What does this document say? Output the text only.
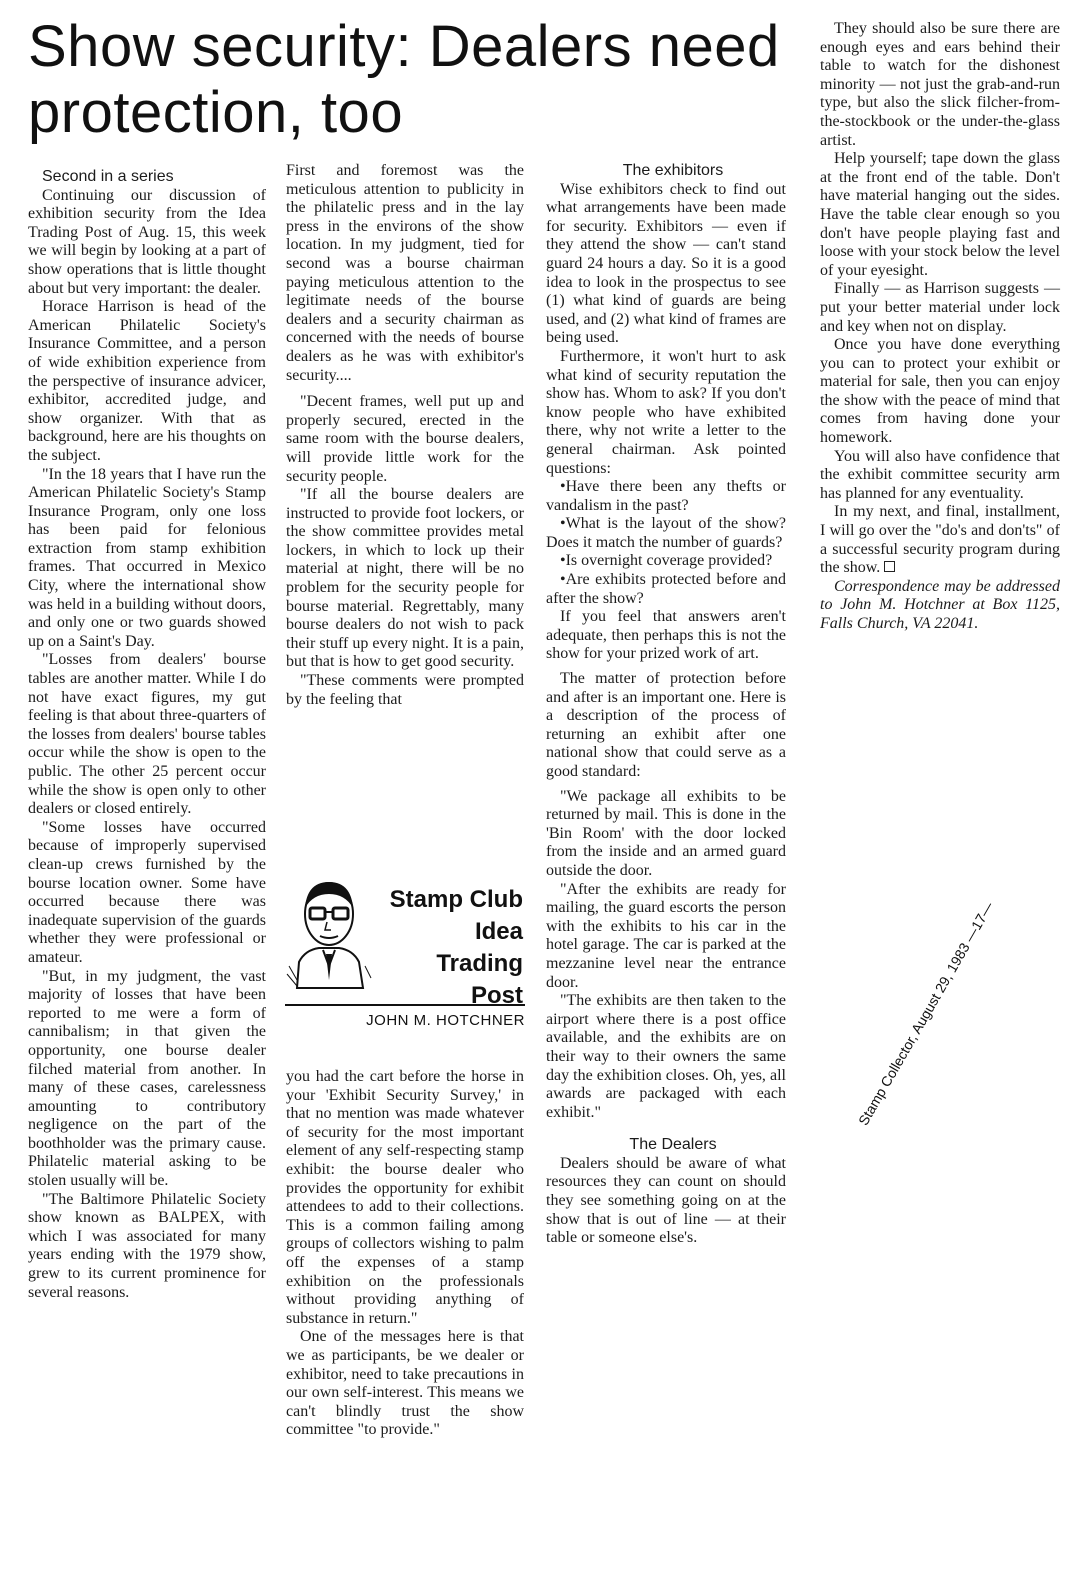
Show security: Dealers need protection, too

Second in a series

Continuing our discussion of exhibition security from the Idea Trading Post of Aug. 15, this week we will begin by looking at a part of show operations that is little thought about but very important: the dealer.

Horace Harrison is head of the American Philatelic Society's Insurance Committee, and a person of wide exhibition experience from the perspective of insurance advicer, exhibitor, accredited judge, and show organizer. With that as background, here are his thoughts on the subject.

"In the 18 years that I have run the American Philatelic Society's Stamp Insurance Program, only one loss has been paid for felonious extraction from stamp exhibition frames. That occurred in Mexico City, where the international show was held in a building without doors, and only one or two guards showed up on a Saint's Day.

"Losses from dealers' bourse tables are another matter. While I do not have exact figures, my gut feeling is that about three-quarters of the losses from dealers' bourse tables occur while the show is open to the public. The other 25 percent occur while the show is open only to other dealers or closed entirely.

"Some losses have occurred because of improperly supervised clean-up crews furnished by the bourse location owner. Some have occurred because there was inadequate supervision of the guards whether they were professional or amateur.

"But, in my judgment, the vast majority of losses that have been reported to me were a form of cannibalism; in that given the opportunity, one bourse dealer filched material from another. In many of these cases, carelessness amounting to contributory negligence on the part of the boothholder was the primary cause. Philatelic material asking to be stolen usually will be.

"The Baltimore Philatelic Society show known as BALPEX, with which I was associated for many years ending with the 1979 show, grew to its current prominence for several reasons.

First and foremost was the meticulous attention to publicity in the philatelic press and in the lay press in the environs of the show location. In my judgment, tied for second was a bourse chairman paying meticulous attention to the legitimate needs of the bourse dealers and a security chairman as concerned with the needs of bourse dealers as he was with exhibitor's security....

"Decent frames, well put up and properly secured, erected in the same room with the bourse dealers, will provide little work for the security people.

"If all the bourse dealers are instructed to provide foot lockers, or the show committee provides metal lockers, in which to lock up their material at night, there will be no problem for the security people for bourse material. Regrettably, many bourse dealers do not wish to pack their stuff up every night. It is a pain, but that is how to get good security.

"These comments were prompted by the feeling that

Stamp Club
Idea
Trading
Post
JOHN M. HOTCHNER

you had the cart before the horse in your 'Exhibit Security Survey,' in that no mention was made whatever of security for the most important element of any self-respecting stamp exhibit: the bourse dealer who provides the opportunity for exhibit attendees to add to their collections. This is a common failing among groups of collectors wishing to palm off the expenses of a stamp exhibition on the professionals without providing anything of substance in return."

One of the messages here is that we as participants, be we dealer or exhibitor, need to take precautions in our own self-interest. This means we can't blindly trust the show committee "to provide."

The exhibitors

Wise exhibitors check to find out what arrangements have been made for security. Exhibitors — even if they attend the show — can't stand guard 24 hours a day. So it is a good idea to look in the prospectus to see (1) what kind of guards are being used, and (2) what kind of frames are being used.

Furthermore, it won't hurt to ask what kind of security reputation the show has. Whom to ask? If you don't know people who have exhibited there, why not write a letter to the general chairman. Ask pointed questions:

•Have there been any thefts or vandalism in the past?

•What is the layout of the show? Does it match the number of guards?

•Is overnight coverage provided?

•Are exhibits protected before and after the show?

If you feel that answers aren't adequate, then perhaps this is not the show for your prized work of art.

The matter of protection before and after is an important one. Here is a description of the process of returning an exhibit after one national show that could serve as a good standard:

"We package all exhibits to be returned by mail. This is done in the 'Bin Room' with the door locked from the inside and an armed guard outside the door.

"After the exhibits are ready for mailing, the guard escorts the person with the exhibits to his car in the hotel garage. The car is parked at the mezzanine level near the entrance door.

"The exhibits are then taken to the airport where there is a post office available, and the exhibits are on their way to their owners the same day the exhibition closes. Oh, yes, all awards are packaged with each exhibit."

The Dealers

Dealers should be aware of what resources they can count on should they see something going on at the show that is out of line — at their table or someone else's.

They should also be sure there are enough eyes and ears behind their table to watch for the dishonest minority — not just the grab-and-run type, but also the slick filcher-from-the-stockbook or the under-the-glass artist.

Help yourself; tape down the glass at the front end of the table. Don't have material hanging out the sides. Have the table clear enough so you don't have people playing fast and loose with your stock below the level of your eyesight.

Finally — as Harrison suggests — put your better material under lock and key when not on display.

Once you have done everything you can to protect your exhibit or material for sale, then you can enjoy the show with the peace of mind that comes from having done your homework.

You will also have confidence that the exhibit committee security arm has planned for any eventuality.

In my next, and final, installment, I will go over the "do's and don'ts" of a successful security program during the show.

Correspondence may be addressed to John M. Hotchner at Box 1125, Falls Church, VA 22041.

Stamp Collector, August 29, 1983 —17—
